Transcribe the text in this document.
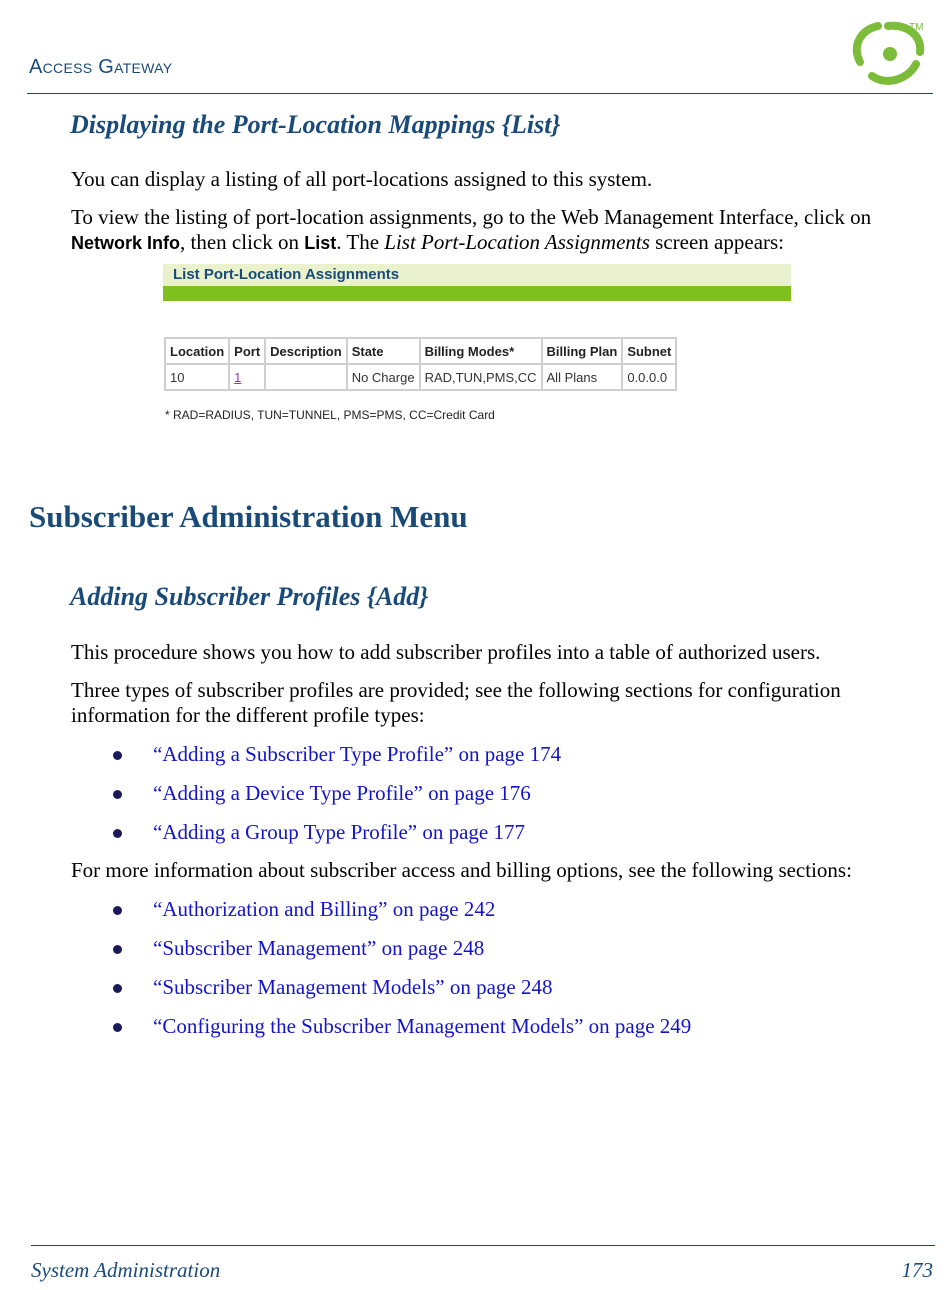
Access Gateway
TM
Displaying the Port-Location Mappings {List}

You can display a listing of all port-locations assigned to this system.

To view the listing of port-location assignments, go to the Web Management Interface, click on Network Info, then click on List. The List Port-Location Assignments screen appears:

List Port-Location Assignments
Location	Port	Description	State	Billing Modes*	Billing Plan	Subnet
10	1		No Charge	RAD,TUN,PMS,CC	All Plans	0.0.0.0
* RAD=RADIUS, TUN=TUNNEL, PMS=PMS, CC=Credit Card
Subscriber Administration Menu
Adding Subscriber Profiles {Add}

This procedure shows you how to add subscriber profiles into a table of authorized users.

Three types of subscriber profiles are provided; see the following sections for configuration information for the different profile types:

“Adding a Subscriber Type Profile” on page 174
“Adding a Device Type Profile” on page 176
“Adding a Group Type Profile” on page 177

For more information about subscriber access and billing options, see the following sections:

“Authorization and Billing” on page 242
“Subscriber Management” on page 248
“Subscriber Management Models” on page 248
“Configuring the Subscriber Management Models” on page 249
System Administration	173
